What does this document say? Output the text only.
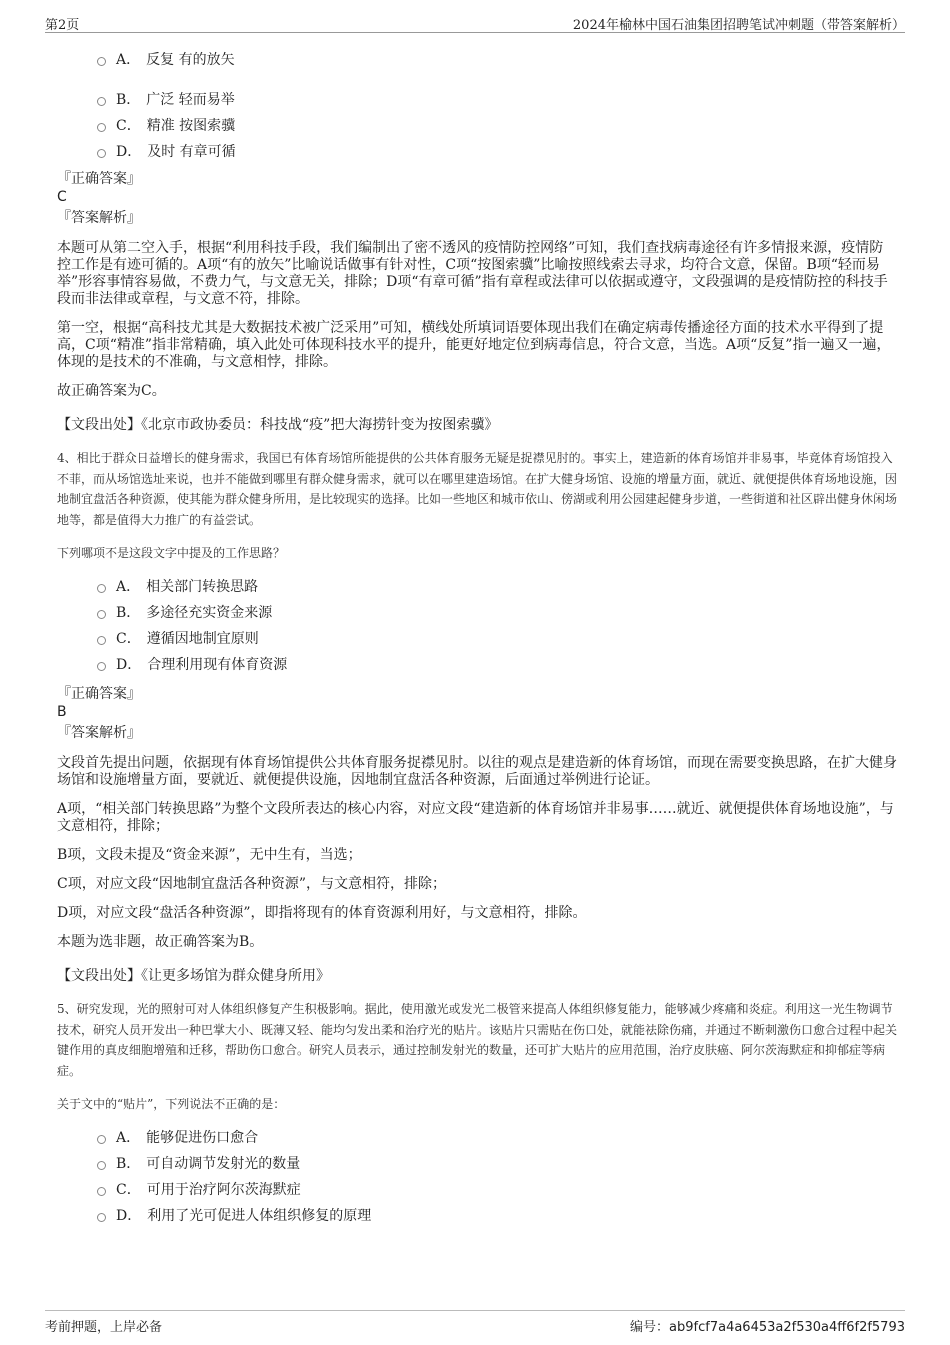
第2页	2024年榆林中国石油集团招聘笔试冲刺题（带答案解析）
A． 反复 有的放矢
B． 广泛 轻而易举
C． 精准 按图索骥
D． 及时 有章可循
『正确答案』
C
『答案解析』

本题可从第二空入手，根据“利用科技手段，我们编制出了密不透风的疫情防控网络”可知，我们查找病毒途径有许多情报来源，疫情防控工作是有迹可循的。A项“有的放矢”比喻说话做事有针对性，C项“按图索骥”比喻按照线索去寻求，均符合文意，保留。B项“轻而易举”形容事情容易做，不费力气，与文意无关，排除；D项“有章可循”指有章程或法律可以依据或遵守，文段强调的是疫情防控的科技手段而非法律或章程，与文意不符，排除。

第一空，根据“高科技尤其是大数据技术被广泛采用”可知，横线处所填词语要体现出我们在确定病毒传播途径方面的技术水平得到了提高，C项“精准”指非常精确，填入此处可体现科技水平的提升，能更好地定位到病毒信息，符合文意，当选。A项“反复”指一遍又一遍，体现的是技术的不准确，与文意相悖，排除。

故正确答案为C。

【文段出处】《北京市政协委员：科技战“疫”把大海捞针变为按图索骥》

4、相比于群众日益增长的健身需求，我国已有体育场馆所能提供的公共体育服务无疑是捉襟见肘的。事实上，建造新的体育场馆并非易事，毕竟体育场馆投入不菲，而从场馆选址来说，也并不能做到哪里有群众健身需求，就可以在哪里建造场馆。在扩大健身场馆、设施的增量方面，就近、就便提供体育场地设施，因地制宜盘活各种资源，使其能为群众健身所用，是比较现实的选择。比如一些地区和城市依山、傍湖或利用公园建起健身步道，一些街道和社区辟出健身休闲场地等，都是值得大力推广的有益尝试。

下列哪项不是这段文字中提及的工作思路？

A． 相关部门转换思路
B． 多途径充实资金来源
C． 遵循因地制宜原则
D． 合理利用现有体育资源
『正确答案』
B
『答案解析』

文段首先提出问题，依据现有体育场馆提供公共体育服务捉襟见肘。以往的观点是建造新的体育场馆，而现在需要变换思路，在扩大健身场馆和设施增量方面，要就近、就便提供设施，因地制宜盘活各种资源，后面通过举例进行论证。

A项，“相关部门转换思路”为整个文段所表达的核心内容，对应文段“建造新的体育场馆并非易事……就近、就便提供体育场地设施”，与文意相符，排除；

B项，文段未提及“资金来源”，无中生有，当选；

C项，对应文段“因地制宜盘活各种资源”，与文意相符，排除；

D项，对应文段“盘活各种资源”，即指将现有的体育资源利用好，与文意相符，排除。

本题为选非题，故正确答案为B。

【文段出处】《让更多场馆为群众健身所用》

5、研究发现，光的照射可对人体组织修复产生积极影响。据此，使用激光或发光二极管来提高人体组织修复能力，能够减少疼痛和炎症。利用这一光生物调节技术，研究人员开发出一种巴掌大小、既薄又轻、能均匀发出柔和治疗光的贴片。该贴片只需贴在伤口处，就能祛除伤痛，并通过不断刺激伤口愈合过程中起关键作用的真皮细胞增殖和迁移，帮助伤口愈合。研究人员表示，通过控制发射光的数量，还可扩大贴片的应用范围，治疗皮肤癌、阿尔茨海默症和抑郁症等病症。

关于文中的“贴片”，下列说法不正确的是：

A． 能够促进伤口愈合
B． 可自动调节发射光的数量
C． 可用于治疗阿尔茨海默症
D． 利用了光可促进人体组织修复的原理
考前押题，上岸必备	编号：ab9fcf7a4a6453a2f530a4ff6f2f5793
